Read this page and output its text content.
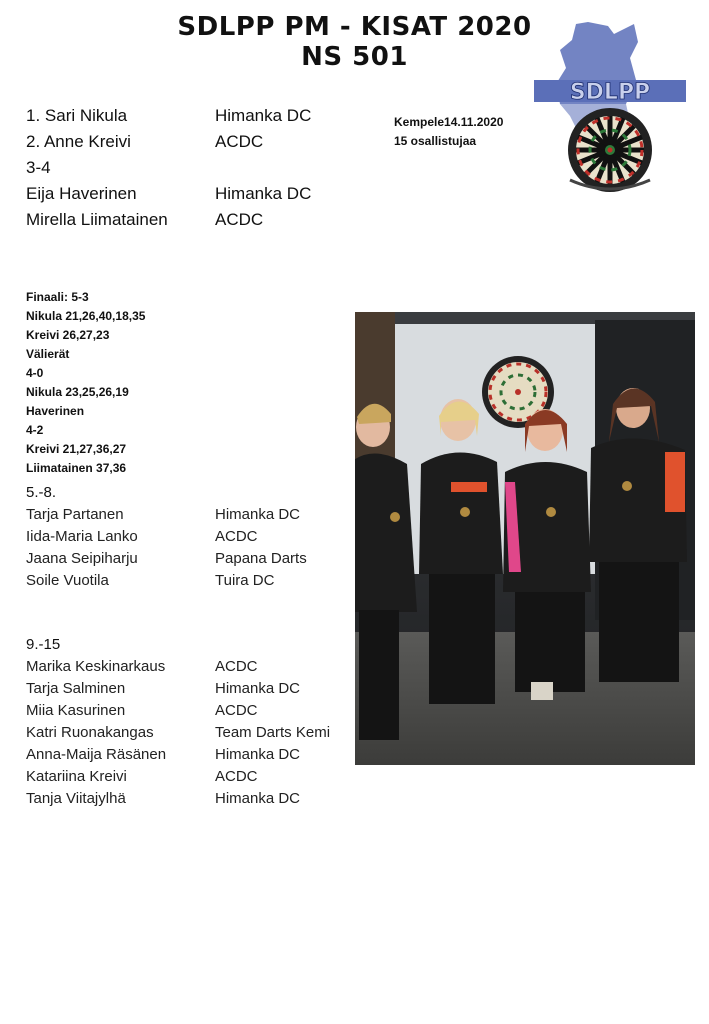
SDLPP PM - KISAT 2020
NS 501
SDLPP
1. Sari Nikula	Himanka DC
2. Anne Kreivi	ACDC
3-4
Eija Haverinen	Himanka DC
Mirella Liimatainen	ACDC
Kempele14.11.2020
15 osallistujaa
Finaali: 5-3
Nikula 21,26,40,18,35
Kreivi 26,27,23
Välierät
4-0
Nikula 23,25,26,19
Haverinen
4-2
Kreivi 21,27,36,27
Liimatainen 37,36
5.-8.
Tarja Partanen	Himanka DC
Iida-Maria Lanko	ACDC
Jaana Seipiharju	Papana Darts
Soile Vuotila	Tuira DC
9.-15
Marika Keskinarkaus	ACDC
Tarja Salminen	Himanka DC
Miia Kasurinen	ACDC
Katri Ruonakangas	Team Darts Kemi
Anna-Maija Räsänen	Himanka DC
Katariina Kreivi	ACDC
Tanja Viitajylhä	Himanka DC
